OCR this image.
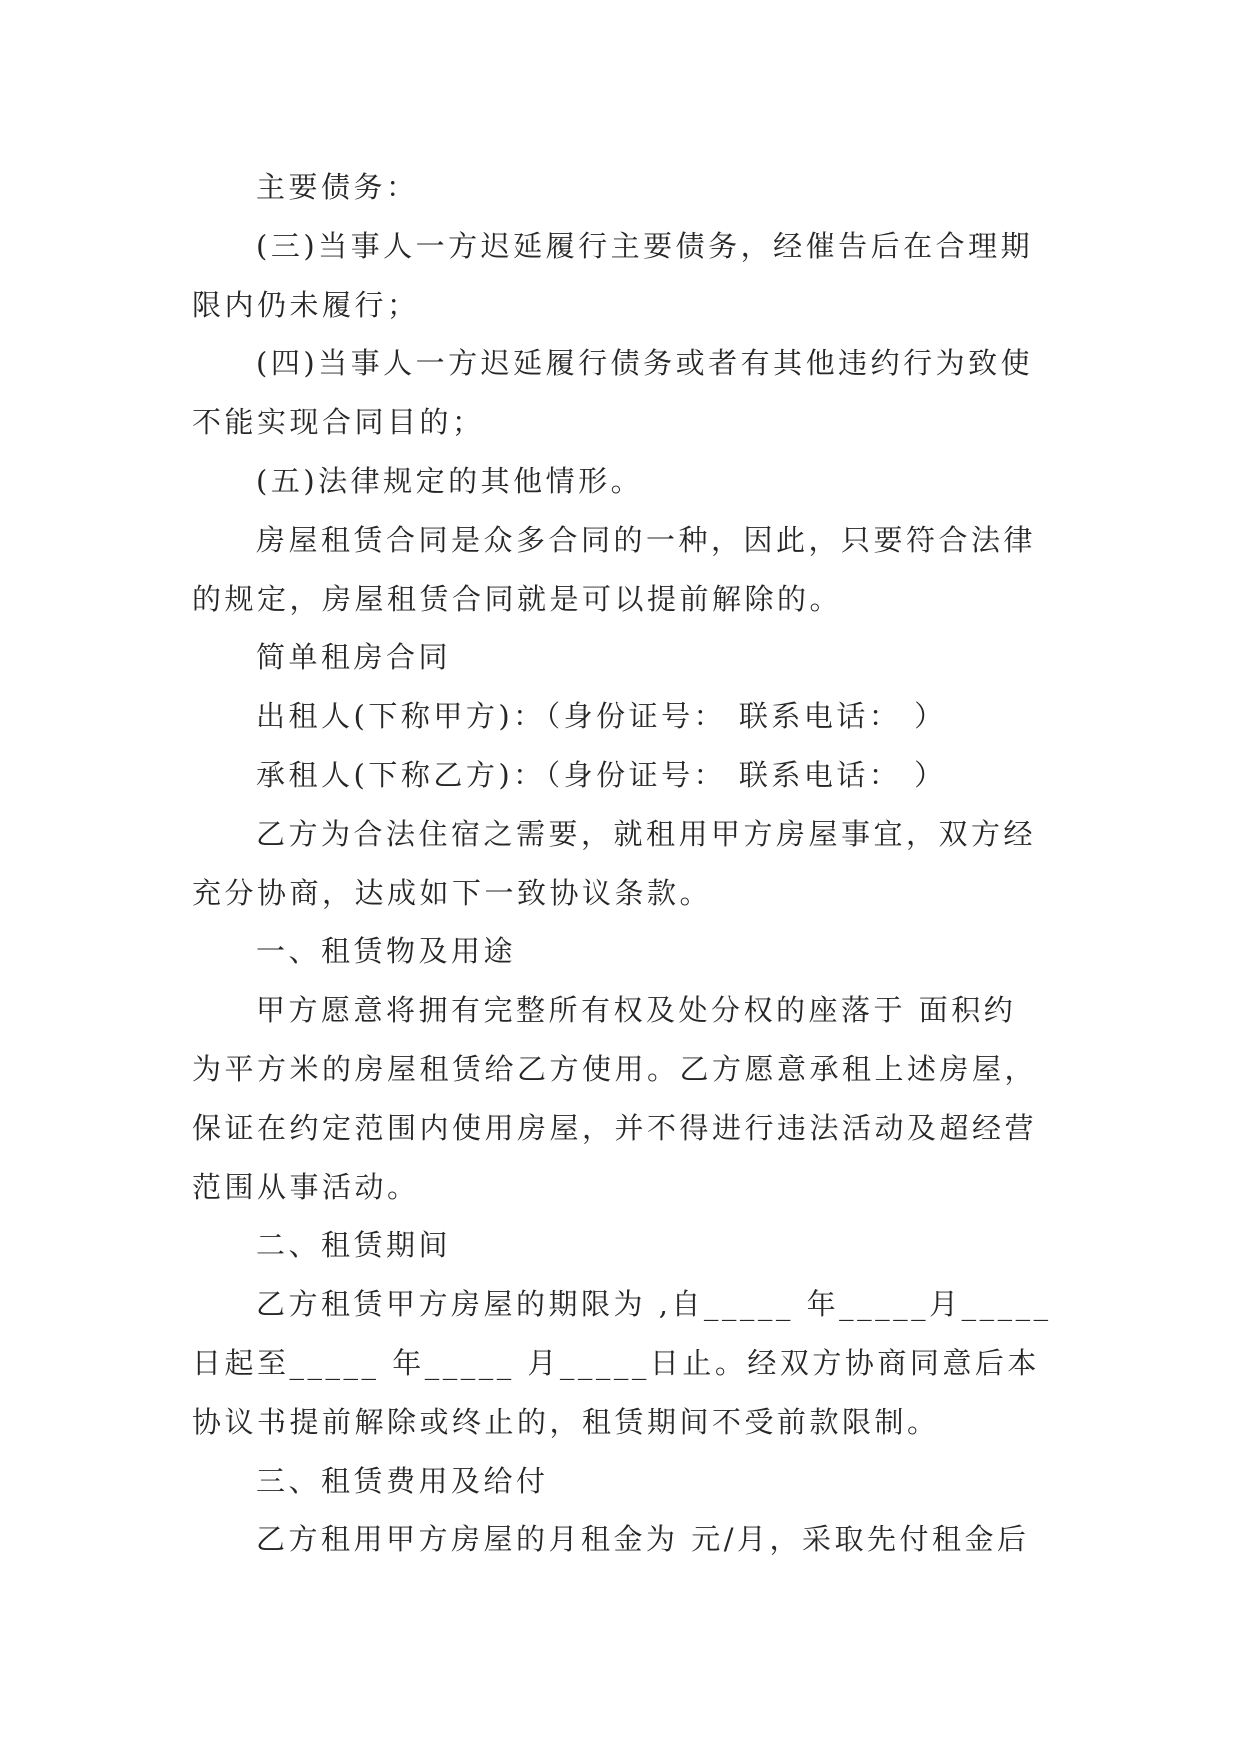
主要债务：
(三)当事人一方迟延履行主要债务，经催告后在合理期
限内仍未履行；
(四)当事人一方迟延履行债务或者有其他违约行为致使
不能实现合同目的；
(五)法律规定的其他情形。
房屋租赁合同是众多合同的一种，因此，只要符合法律
的规定，房屋租赁合同就是可以提前解除的。
简单租房合同
出租人(下称甲方)：（身份证号： 联系电话： ）
承租人(下称乙方)：（身份证号： 联系电话： ）
乙方为合法住宿之需要，就租用甲方房屋事宜，双方经
充分协商，达成如下一致协议条款。
一、租赁物及用途
甲方愿意将拥有完整所有权及处分权的座落于 面积约
为平方米的房屋租赁给乙方使用。乙方愿意承租上述房屋，
保证在约定范围内使用房屋，并不得进行违法活动及超经营
范围从事活动。
二、租赁期间
乙方租赁甲方房屋的期限为 ,自_____ 年_____月_____
日起至_____ 年_____ 月_____日止。经双方协商同意后本
协议书提前解除或终止的，租赁期间不受前款限制。
三、租赁费用及给付
乙方租用甲方房屋的月租金为 元/月，采取先付租金后
